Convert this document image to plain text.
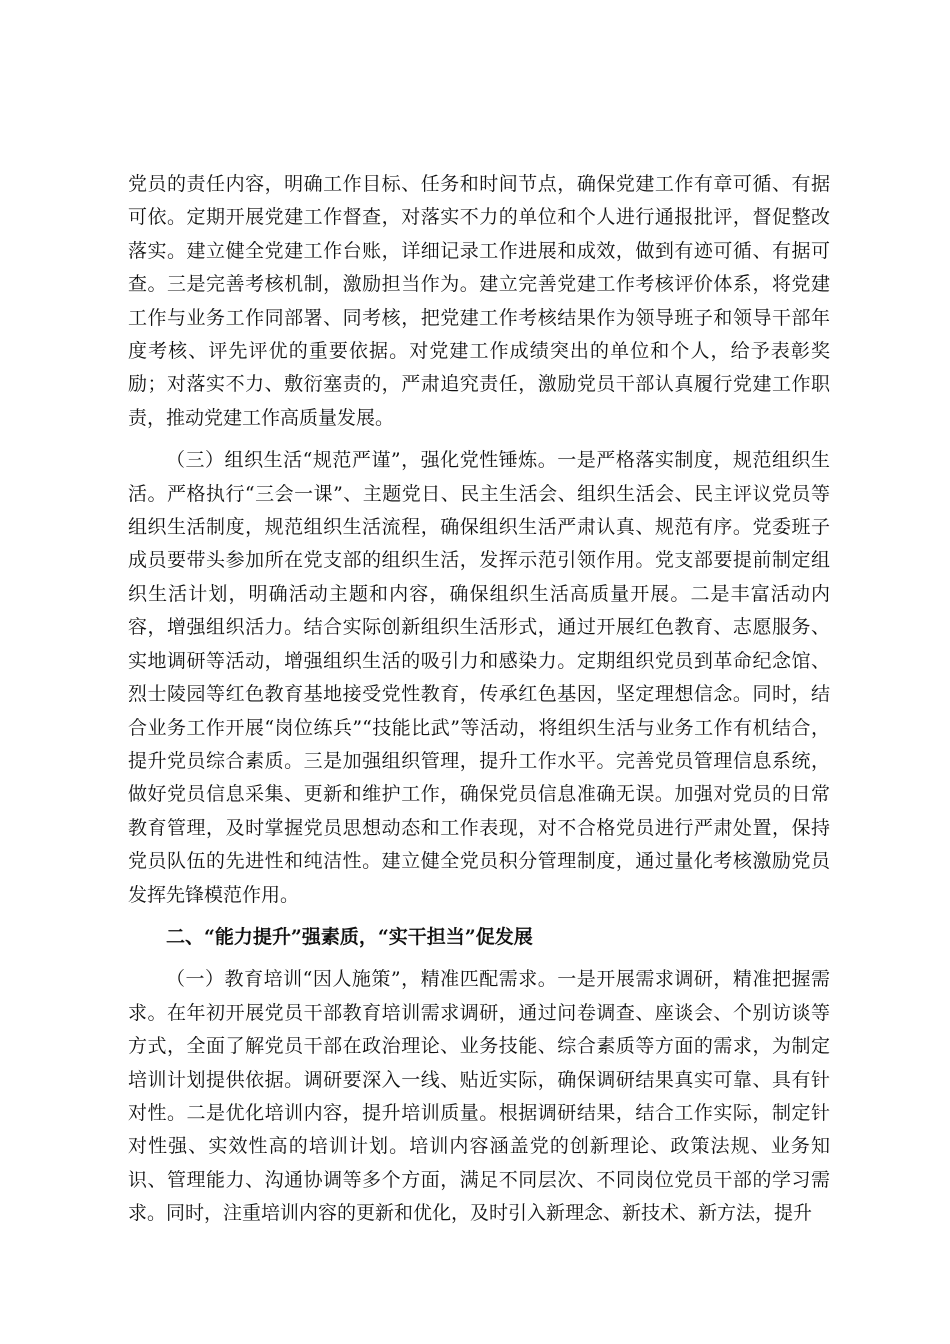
党员的责任内容，明确工作目标、任务和时间节点，确保党建工作有章可循、有据可依。定期开展党建工作督查，对落实不力的单位和个人进行通报批评，督促整改落实。建立健全党建工作台账，详细记录工作进展和成效，做到有迹可循、有据可查。三是完善考核机制，激励担当作为。建立完善党建工作考核评价体系，将党建工作与业务工作同部署、同考核，把党建工作考核结果作为领导班子和领导干部年度考核、评先评优的重要依据。对党建工作成绩突出的单位和个人，给予表彰奖励；对落实不力、敷衍塞责的，严肃追究责任，激励党员干部认真履行党建工作职责，推动党建工作高质量发展。

（三）组织生活“规范严谨”，强化党性锤炼。一是严格落实制度，规范组织生活。严格执行“三会一课”、主题党日、民主生活会、组织生活会、民主评议党员等组织生活制度，规范组织生活流程，确保组织生活严肃认真、规范有序。党委班子成员要带头参加所在党支部的组织生活，发挥示范引领作用。党支部要提前制定组织生活计划，明确活动主题和内容，确保组织生活高质量开展。二是丰富活动内容，增强组织活力。结合实际创新组织生活形式，通过开展红色教育、志愿服务、实地调研等活动，增强组织生活的吸引力和感染力。定期组织党员到革命纪念馆、烈士陵园等红色教育基地接受党性教育，传承红色基因，坚定理想信念。同时，结合业务工作开展“岗位练兵”“技能比武”等活动，将组织生活与业务工作有机结合，提升党员综合素质。三是加强组织管理，提升工作水平。完善党员管理信息系统，做好党员信息采集、更新和维护工作，确保党员信息准确无误。加强对党员的日常教育管理，及时掌握党员思想动态和工作表现，对不合格党员进行严肃处置，保持党员队伍的先进性和纯洁性。建立健全党员积分管理制度，通过量化考核激励党员发挥先锋模范作用。

二、“能力提升”强素质，“实干担当”促发展

（一）教育培训“因人施策”，精准匹配需求。一是开展需求调研，精准把握需求。在年初开展党员干部教育培训需求调研，通过问卷调查、座谈会、个别访谈等方式，全面了解党员干部在政治理论、业务技能、综合素质等方面的需求，为制定培训计划提供依据。调研要深入一线、贴近实际，确保调研结果真实可靠、具有针对性。二是优化培训内容，提升培训质量。根据调研结果，结合工作实际，制定针对性强、实效性高的培训计划。培训内容涵盖党的创新理论、政策法规、业务知识、管理能力、沟通协调等多个方面，满足不同层次、不同岗位党员干部的学习需求。同时，注重培训内容的更新和优化，及时引入新理念、新技术、新方法，提升
